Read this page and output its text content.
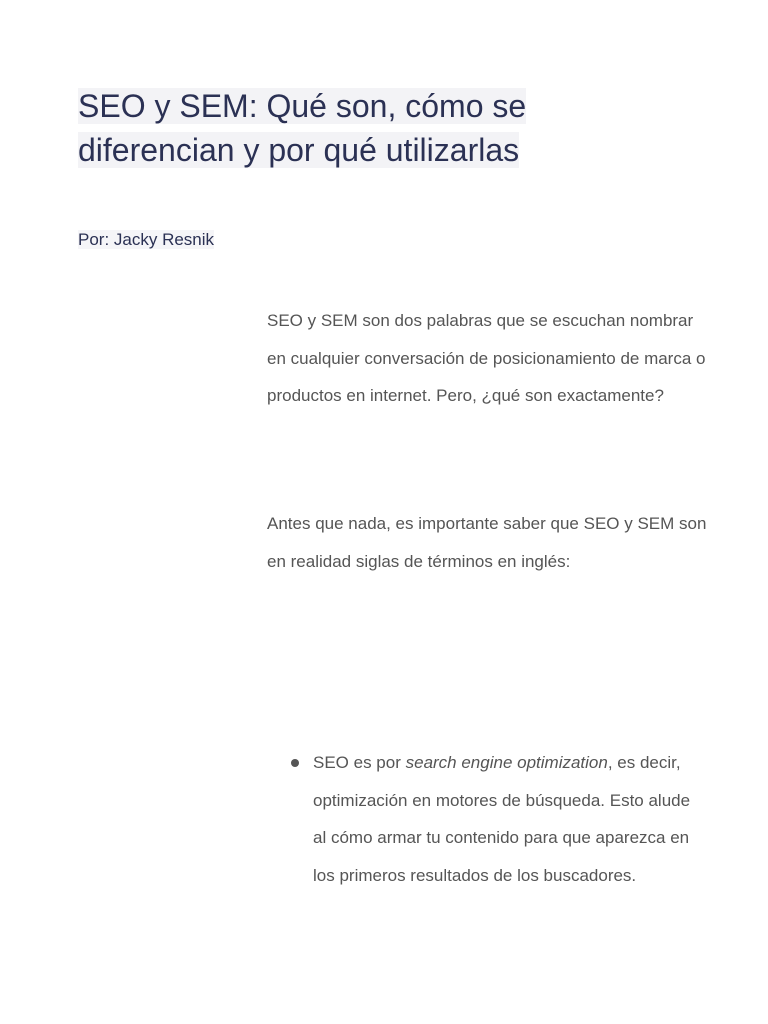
SEO y SEM: Qué son, cómo se diferencian y por qué utilizarlas

Por: Jacky Resnik

SEO y SEM son dos palabras que se escuchan nombrar en cualquier conversación de posicionamiento de marca o productos en internet. Pero, ¿qué son exactamente?

Antes que nada, es importante saber que SEO y SEM son en realidad siglas de términos en inglés:

SEO es por search engine optimization, es decir, optimización en motores de búsqueda. Esto alude al cómo armar tu contenido para que aparezca en los primeros resultados de los buscadores.
